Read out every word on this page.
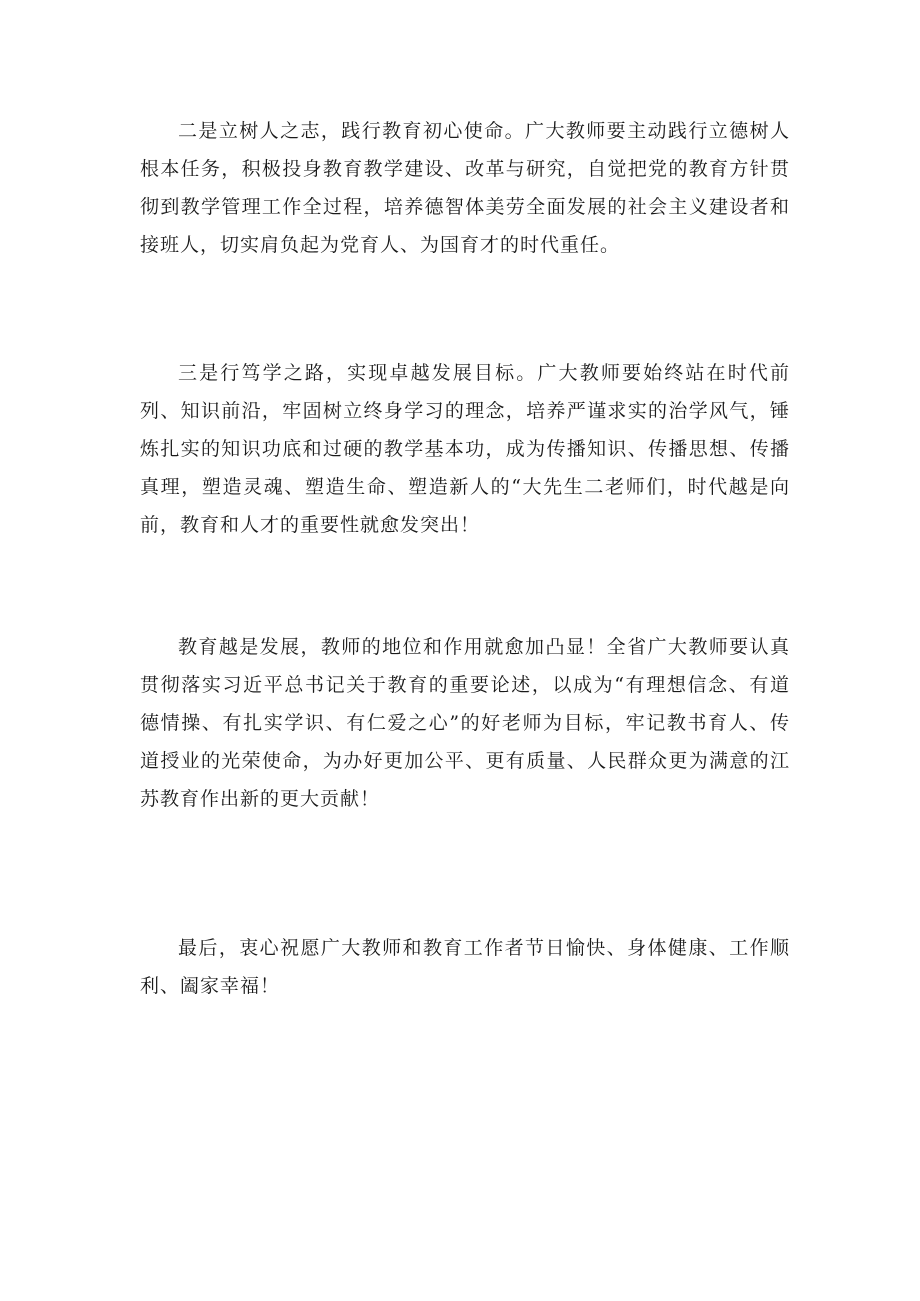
二是立树人之志，践行教育初心使命。广大教师要主动践行立德树人根本任务，积极投身教育教学建设、改革与研究，自觉把党的教育方针贯彻到教学管理工作全过程，培养德智体美劳全面发展的社会主义建设者和接班人，切实肩负起为党育人、为国育才的时代重任。

三是行笃学之路，实现卓越发展目标。广大教师要始终站在时代前列、知识前沿，牢固树立终身学习的理念，培养严谨求实的治学风气，锤炼扎实的知识功底和过硬的教学基本功，成为传播知识、传播思想、传播真理，塑造灵魂、塑造生命、塑造新人的“大先生二老师们，时代越是向前，教育和人才的重要性就愈发突出！

教育越是发展，教师的地位和作用就愈加凸显！全省广大教师要认真贯彻落实习近平总书记关于教育的重要论述，以成为“有理想信念、有道德情操、有扎实学识、有仁爱之心”的好老师为目标，牢记教书育人、传道授业的光荣使命，为办好更加公平、更有质量、人民群众更为满意的江苏教育作出新的更大贡献！

最后，衷心祝愿广大教师和教育工作者节日愉快、身体健康、工作顺利、阖家幸福！
